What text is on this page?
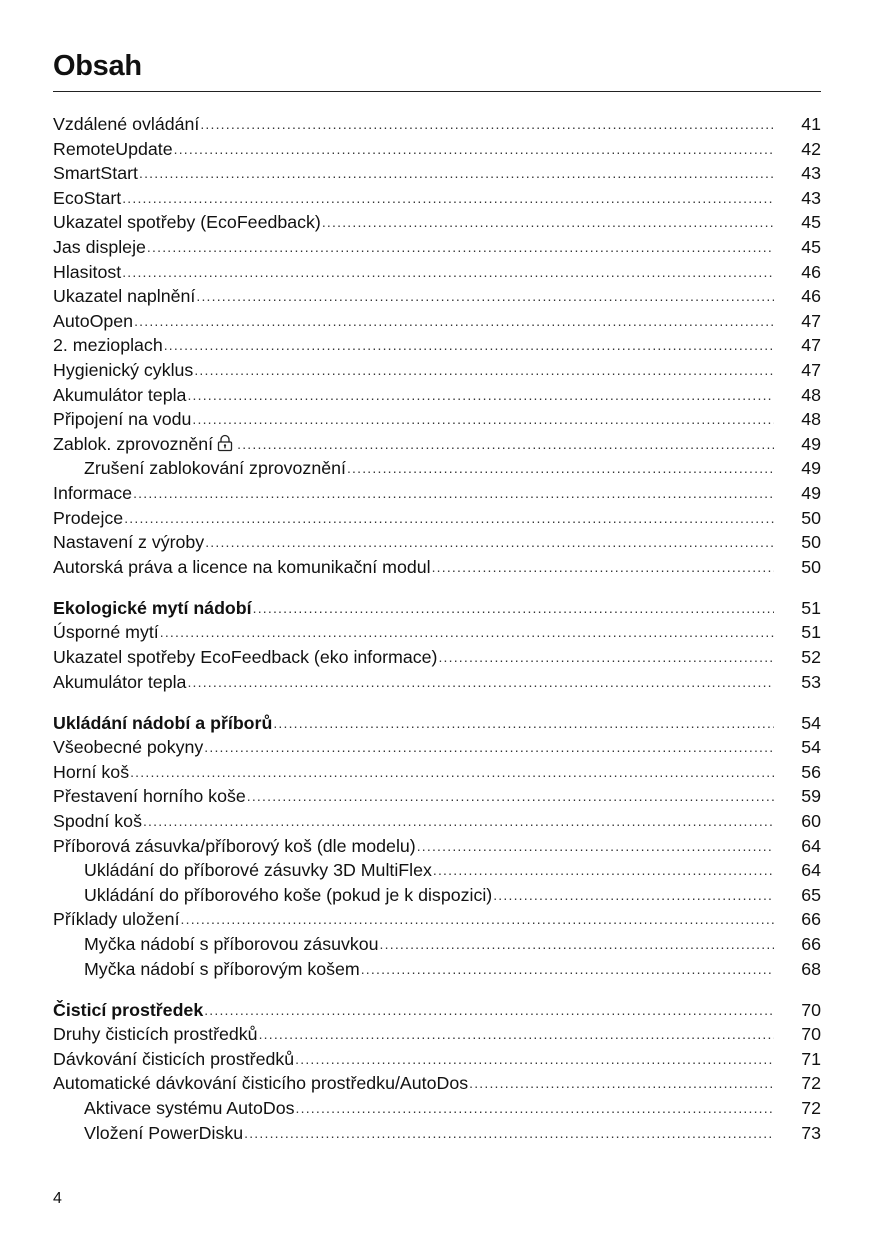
Obsah
Vzdálené ovládání .....	41
RemoteUpdate .....	42
SmartStart .....	43
EcoStart .....	43
Ukazatel spotřeby (EcoFeedback) .....	45
Jas displeje .....	45
Hlasitost .....	46
Ukazatel naplnění .....	46
AutoOpen .....	47
2. mezioplach .....	47
Hygienický cyklus .....	47
Akumulátor tepla .....	48
Připojení na vodu .....	48
Zablok. zprovoznění .....	49
Zrušení zablokování zprovoznění .....	49
Informace .....	49
Prodejce .....	50
Nastavení z výroby .....	50
Autorská práva a licence na komunikační modul .....	50
Ekologické mytí nádobí .....	51
Úsporné mytí .....	51
Ukazatel spotřeby EcoFeedback (eko informace) .....	52
Akumulátor tepla .....	53
Ukládání nádobí a příborů .....	54
Všeobecné pokyny .....	54
Horní koš .....	56
Přestavení horního koše .....	59
Spodní koš .....	60
Příborová zásuvka/příborový koš (dle modelu) .....	64
Ukládání do příborové zásuvky 3D MultiFlex .....	64
Ukládání do příborového koše (pokud je k dispozici) .....	65
Příklady uložení .....	66
Myčka nádobí s příborovou zásuvkou .....	66
Myčka nádobí s příborovým košem .....	68
Čisticí prostředek .....	70
Druhy čisticích prostředků .....	70
Dávkování čisticích prostředků .....	71
Automatické dávkování čisticího prostředku/AutoDos .....	72
Aktivace systému AutoDos .....	72
Vložení PowerDisku .....	73
4
